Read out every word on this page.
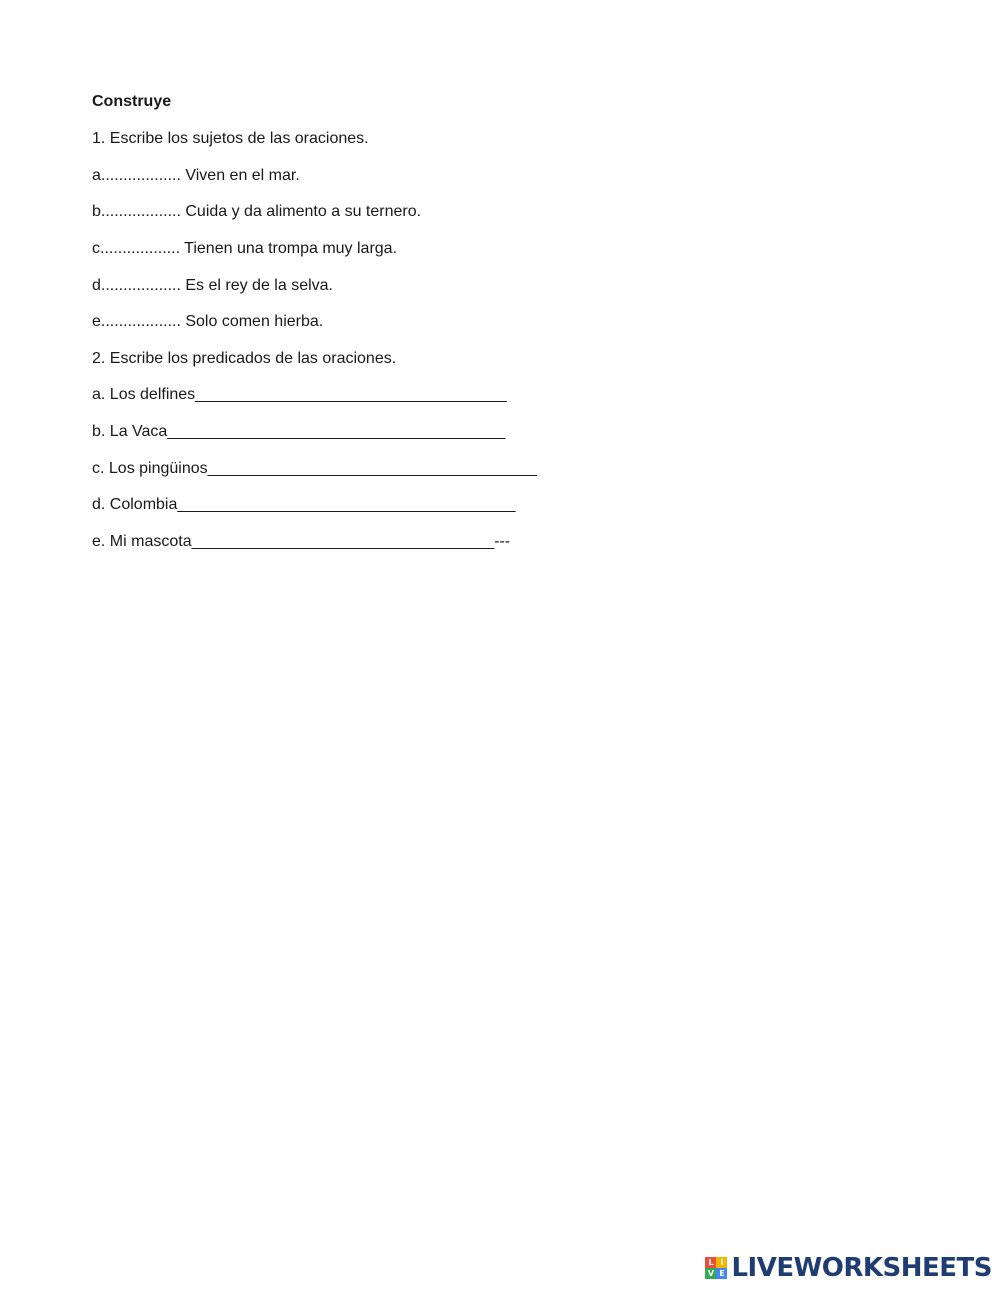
Construye
1. Escribe los sujetos de las oraciones.
a.................. Viven en el mar.
b.................. Cuida y da alimento a su ternero.
c.................. Tienen una trompa muy larga.
d.................. Es el rey de la selva.
e.................. Solo comen hierba.
2. Escribe los predicados de las oraciones.
a. Los delfines___________________________________
b. La Vaca______________________________________
c. Los pingüinos_____________________________________
d. Colombia______________________________________
e. Mi mascota__________________________________---
L I
V E LIVEWORKSHEETS
